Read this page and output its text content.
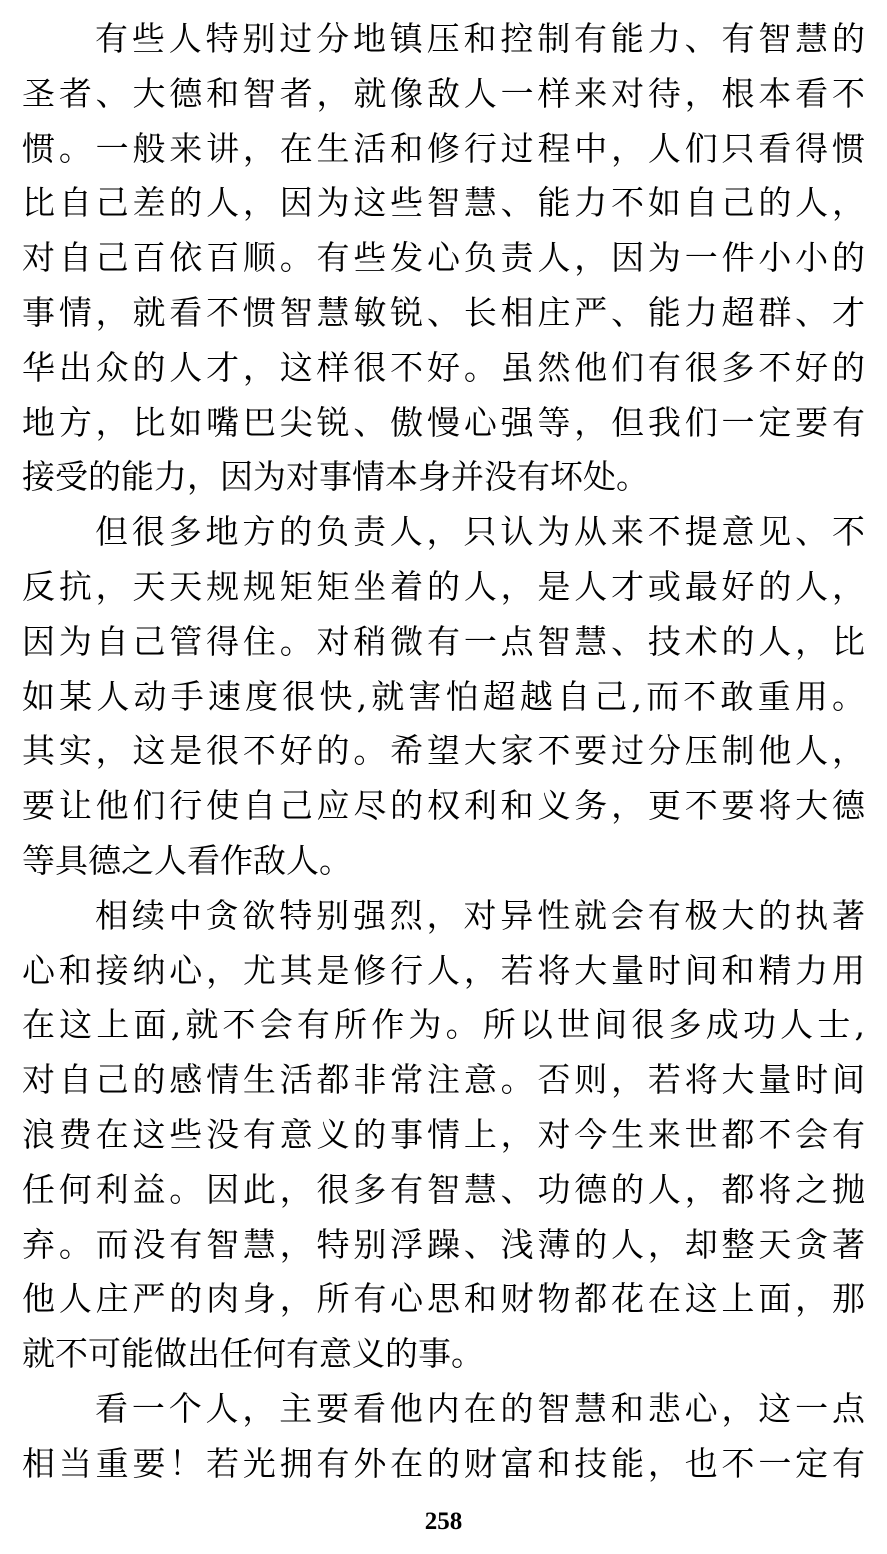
有些人特别过分地镇压和控制有能力、有智慧的
圣者、大德和智者，就像敌人一样来对待，根本看不
惯。一般来讲，在生活和修行过程中，人们只看得惯
比自己差的人，因为这些智慧、能力不如自己的人，
对自己百依百顺。有些发心负责人，因为一件小小的
事情，就看不惯智慧敏锐、长相庄严、能力超群、才
华出众的人才，这样很不好。虽然他们有很多不好的
地方，比如嘴巴尖锐、傲慢心强等，但我们一定要有
接受的能力，因为对事情本身并没有坏处。
但很多地方的负责人，只认为从来不提意见、不
反抗，天天规规矩矩坐着的人，是人才或最好的人，
因为自己管得住。对稍微有一点智慧、技术的人，比
如某人动手速度很快,就害怕超越自己,而不敢重用。
其实，这是很不好的。希望大家不要过分压制他人，
要让他们行使自己应尽的权利和义务，更不要将大德
等具德之人看作敌人。
相续中贪欲特别强烈，对异性就会有极大的执著
心和接纳心，尤其是修行人，若将大量时间和精力用
在这上面,就不会有所作为。所以世间很多成功人士,
对自己的感情生活都非常注意。否则，若将大量时间
浪费在这些没有意义的事情上，对今生来世都不会有
任何利益。因此，很多有智慧、功德的人，都将之抛
弃。而没有智慧，特别浮躁、浅薄的人，却整天贪著
他人庄严的肉身，所有心思和财物都花在这上面，那
就不可能做出任何有意义的事。
看一个人，主要看他内在的智慧和悲心，这一点
相当重要！若光拥有外在的财富和技能，也不一定有
258
